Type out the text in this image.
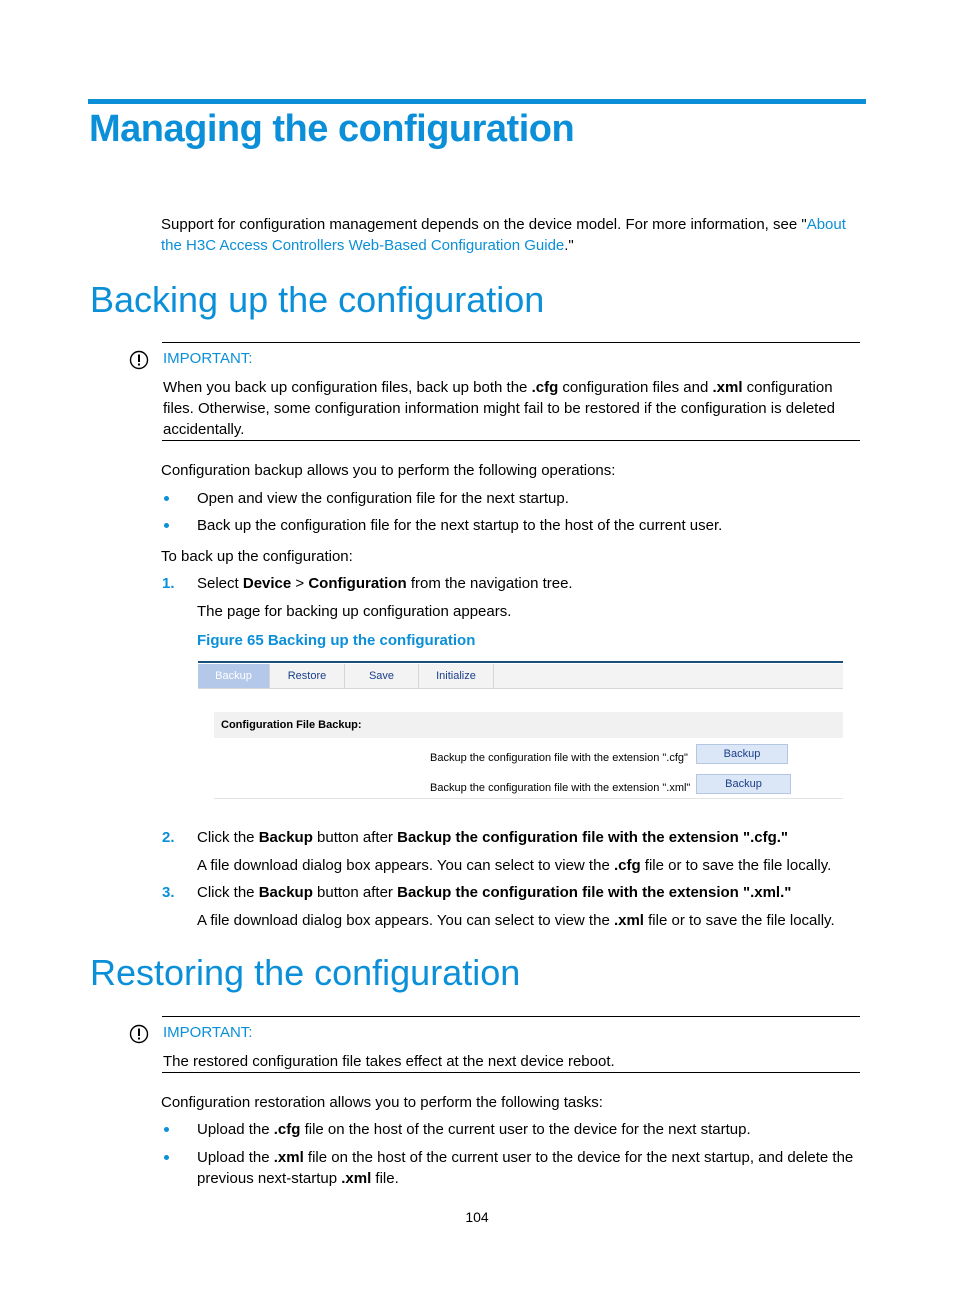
Managing the configuration
Support for configuration management depends on the device model. For more information, see "About the H3C Access Controllers Web-Based Configuration Guide."
Backing up the configuration
IMPORTANT:
When you back up configuration files, back up both the .cfg configuration files and .xml configuration files. Otherwise, some configuration information might fail to be restored if the configuration is deleted accidentally.
Configuration backup allows you to perform the following operations:
Open and view the configuration file for the next startup.
Back up the configuration file for the next startup to the host of the current user.
To back up the configuration:
1. Select Device > Configuration from the navigation tree.
The page for backing up configuration appears.
Figure 65 Backing up the configuration
Backup	Restore	Save	Initialize
Configuration File Backup:
Backup the configuration file with the extension ".cfg"	Backup
Backup the configuration file with the extension ".xml"	Backup
2. Click the Backup button after Backup the configuration file with the extension ".cfg."
A file download dialog box appears. You can select to view the .cfg file or to save the file locally.
3. Click the Backup button after Backup the configuration file with the extension ".xml."
A file download dialog box appears. You can select to view the .xml file or to save the file locally.
Restoring the configuration
IMPORTANT:
The restored configuration file takes effect at the next device reboot.
Configuration restoration allows you to perform the following tasks:
Upload the .cfg file on the host of the current user to the device for the next startup.
Upload the .xml file on the host of the current user to the device for the next startup, and delete the previous next-startup .xml file.
104
